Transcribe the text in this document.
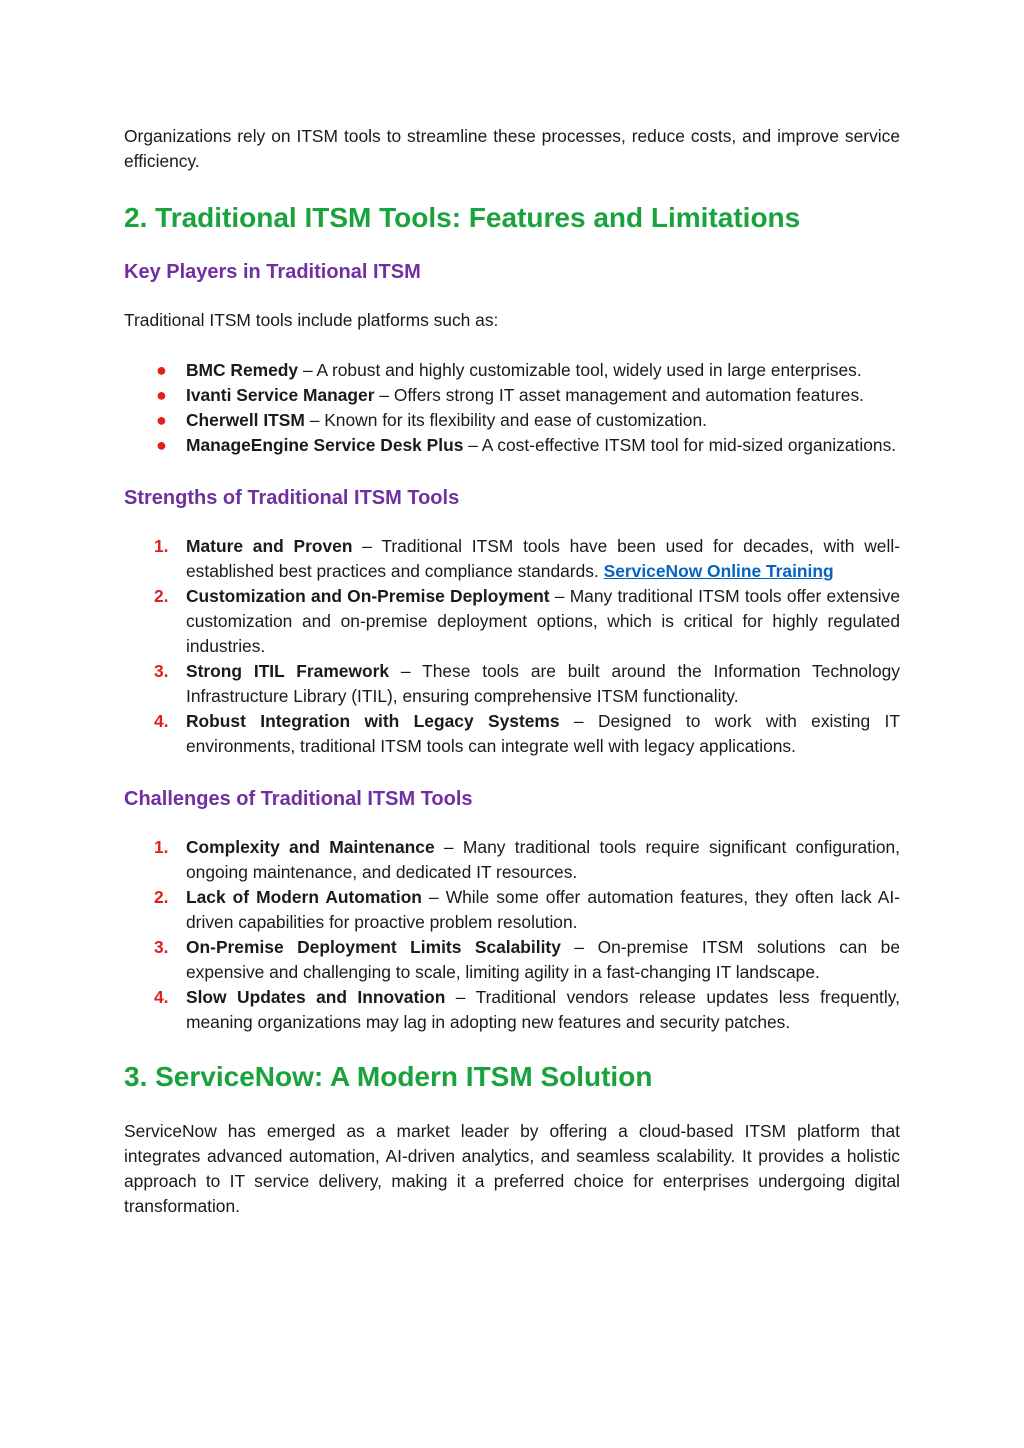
Organizations rely on ITSM tools to streamline these processes, reduce costs, and improve service efficiency.

2. Traditional ITSM Tools: Features and Limitations
Key Players in Traditional ITSM

Traditional ITSM tools include platforms such as:

● BMC Remedy – A robust and highly customizable tool, widely used in large enterprises.
● Ivanti Service Manager – Offers strong IT asset management and automation features.
● Cherwell ITSM – Known for its flexibility and ease of customization.
● ManageEngine Service Desk Plus – A cost-effective ITSM tool for mid-sized organizations.
Strengths of Traditional ITSM Tools
1. Mature and Proven – Traditional ITSM tools have been used for decades, with well-established best practices and compliance standards. ServiceNow Online Training
2. Customization and On-Premise Deployment – Many traditional ITSM tools offer extensive customization and on-premise deployment options, which is critical for highly regulated industries.
3. Strong ITIL Framework – These tools are built around the Information Technology Infrastructure Library (ITIL), ensuring comprehensive ITSM functionality.
4. Robust Integration with Legacy Systems – Designed to work with existing IT environments, traditional ITSM tools can integrate well with legacy applications.
Challenges of Traditional ITSM Tools
1. Complexity and Maintenance – Many traditional tools require significant configuration, ongoing maintenance, and dedicated IT resources.
2. Lack of Modern Automation – While some offer automation features, they often lack AI-driven capabilities for proactive problem resolution.
3. On-Premise Deployment Limits Scalability – On-premise ITSM solutions can be expensive and challenging to scale, limiting agility in a fast-changing IT landscape.
4. Slow Updates and Innovation – Traditional vendors release updates less frequently, meaning organizations may lag in adopting new features and security patches.
3. ServiceNow: A Modern ITSM Solution

ServiceNow has emerged as a market leader by offering a cloud-based ITSM platform that integrates advanced automation, AI-driven analytics, and seamless scalability. It provides a holistic approach to IT service delivery, making it a preferred choice for enterprises undergoing digital transformation.
